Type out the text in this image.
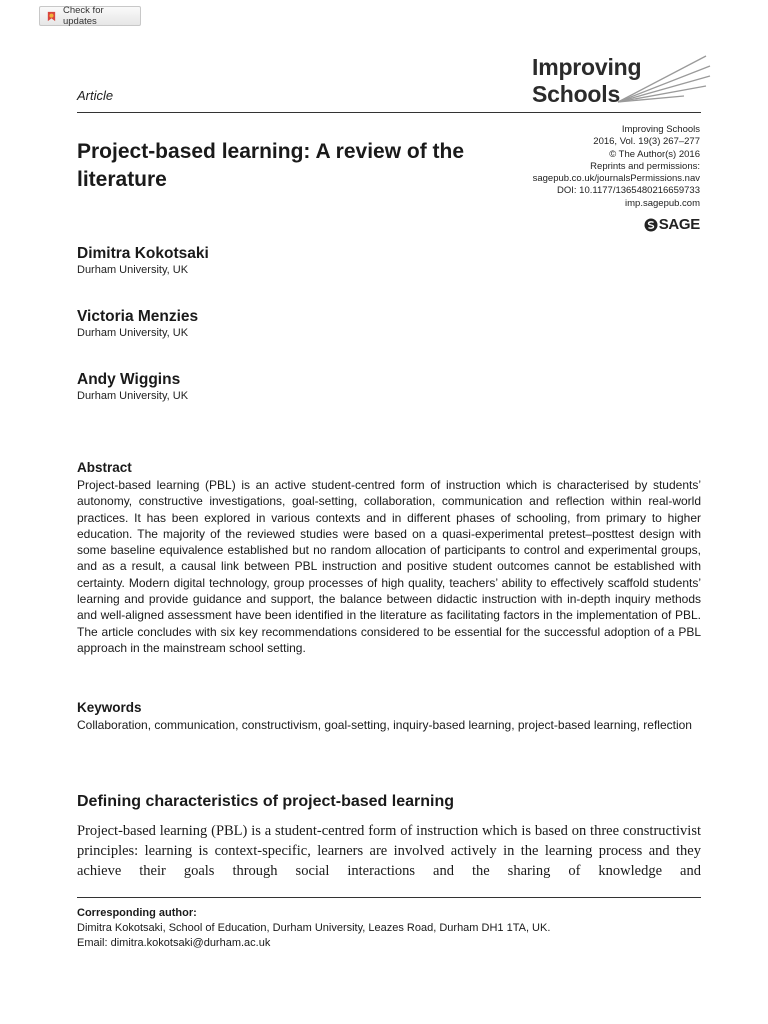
Check for updates
Improving
Schools
Article
Project-based learning: A review of the literature
Improving Schools
2016, Vol. 19(3) 267–277
© The Author(s) 2016
Reprints and permissions:
sagepub.co.uk/journalsPermissions.nav
DOI: 10.1177/1365480216659733
imp.sagepub.com
SAGE
Dimitra Kokotsaki
Durham University, UK
Victoria Menzies
Durham University, UK
Andy Wiggins
Durham University, UK
Abstract
Project-based learning (PBL) is an active student-centred form of instruction which is characterised by students’ autonomy, constructive investigations, goal-setting, collaboration, communication and reflection within real-world practices. It has been explored in various contexts and in different phases of schooling, from primary to higher education. The majority of the reviewed studies were based on a quasi-experimental pretest–posttest design with some baseline equivalence established but no random allocation of participants to control and experimental groups, and as a result, a causal link between PBL instruction and positive student outcomes cannot be established with certainty. Modern digital technology, group processes of high quality, teachers’ ability to effectively scaffold students’ learning and provide guidance and support, the balance between didactic instruction with in-depth inquiry methods and well-aligned assessment have been identified in the literature as facilitating factors in the implementation of PBL. The article concludes with six key recommendations considered to be essential for the successful adoption of a PBL approach in the mainstream school setting.
Keywords
Collaboration, communication, constructivism, goal-setting, inquiry-based learning, project-based learning, reflection
Defining characteristics of project-based learning
Project-based learning (PBL) is a student-centred form of instruction which is based on three constructivist principles: learning is context-specific, learners are involved actively in the learning process and they achieve their goals through social interactions and the sharing of knowledge and
Corresponding author:
Dimitra Kokotsaki, School of Education, Durham University, Leazes Road, Durham DH1 1TA, UK.
Email: dimitra.kokotsaki@durham.ac.uk
